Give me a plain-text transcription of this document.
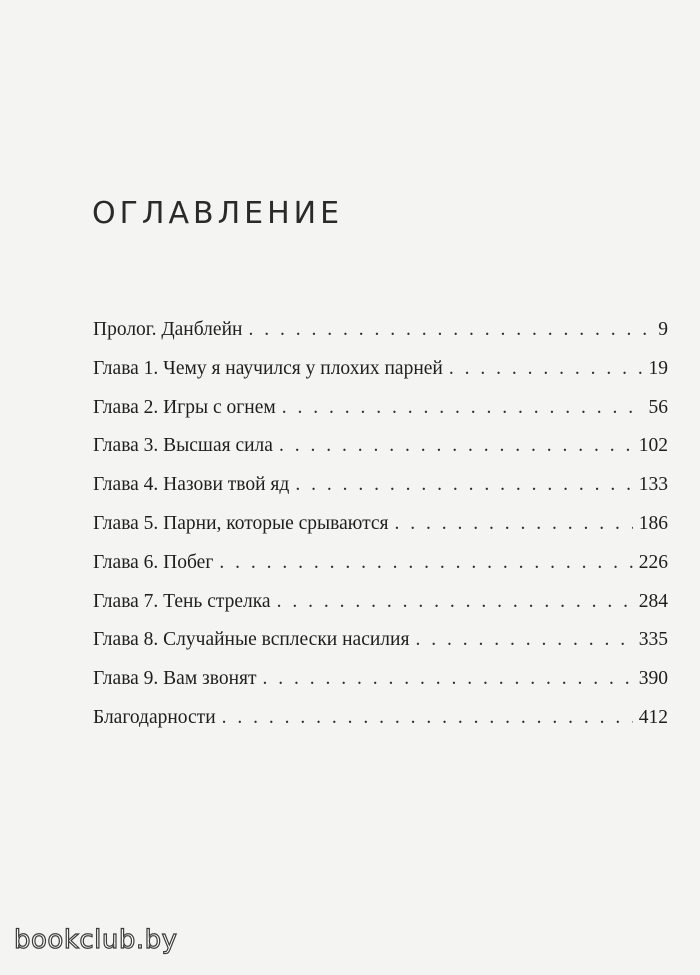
ОГЛАВЛЕНИЕ
Пролог. Данблейн . . .	9
Глава 1. Чему я научился у плохих парней . . .	19
Глава 2. Игры с огнем . . .	56
Глава 3. Высшая сила . . .	102
Глава 4. Назови твой яд . . .	133
Глава 5. Парни, которые срываются . . .	186
Глава 6. Побег . . .	226
Глава 7. Тень стрелка . . .	284
Глава 8. Случайные всплески насилия . . .	335
Глава 9. Вам звонят . . .	390
Благодарности . . .	412
bookclub.by
